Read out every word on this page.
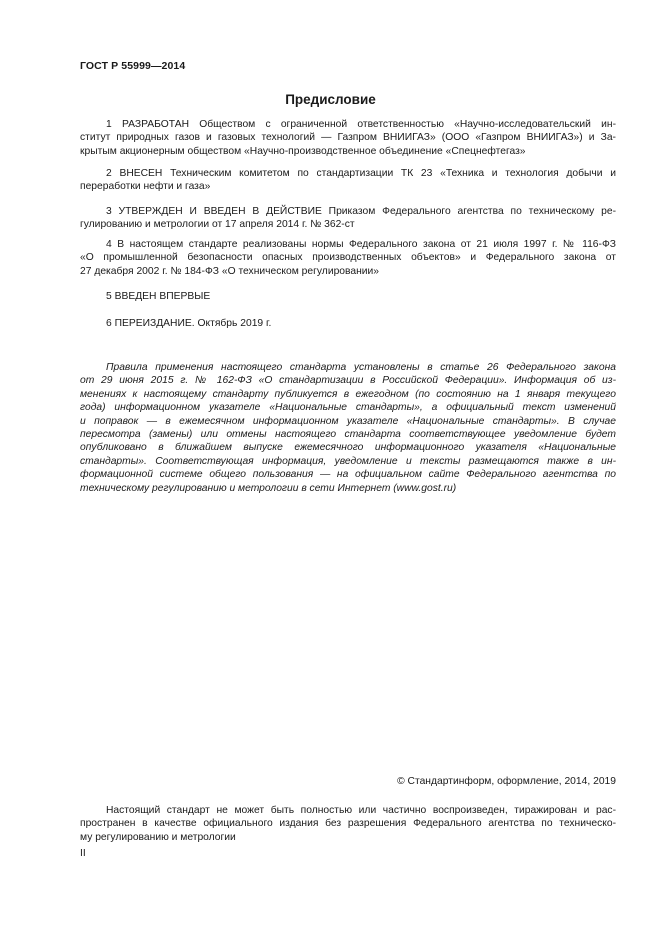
ГОСТ Р 55999—2014
Предисловие
1 РАЗРАБОТАН Обществом с ограниченной ответственностью «Научно-исследовательский ин-
ститут природных газов и газовых технологий — Газпром ВНИИГАЗ» (ООО «Газпром ВНИИГАЗ») и За-
крытым акционерным обществом «Научно-производственное объединение «Спецнефтегаз»
2 ВНЕСЕН Техническим комитетом по стандартизации ТК 23 «Техника и технология добычи и
переработки нефти и газа»
3 УТВЕРЖДЕН И ВВЕДЕН В ДЕЙСТВИЕ Приказом Федерального агентства по техническому ре-
гулированию и метрологии от 17 апреля 2014 г. № 362-ст
4 В настоящем стандарте реализованы нормы Федерального закона от 21 июля 1997 г. № 116-ФЗ
«О промышленной безопасности опасных производственных объектов» и Федерального закона от
27 декабря 2002 г. № 184-ФЗ «О техническом регулировании»
5 ВВЕДЕН ВПЕРВЫЕ
6 ПЕРЕИЗДАНИЕ. Октябрь 2019 г.
Правила применения настоящего стандарта установлены в статье 26 Федерального закона
от 29 июня 2015 г. № 162-ФЗ «О стандартизации в Российской Федерации». Информация об из-
менениях к настоящему стандарту публикуется в ежегодном (по состоянию на 1 января текущего
года) информационном указателе «Национальные стандарты», а официальный текст изменений
и поправок — в ежемесячном информационном указателе «Национальные стандарты». В случае
пересмотра (замены) или отмены настоящего стандарта соответствующее уведомление будет
опубликовано в ближайшем выпуске ежемесячного информационного указателя «Национальные
стандарты». Соответствующая информация, уведомление и тексты размещаются также в ин-
формационной системе общего пользования — на официальном сайте Федерального агентства по
техническому регулированию и метрологии в сети Интернет (www.gost.ru)
© Стандартинформ, оформление, 2014, 2019
Настоящий стандарт не может быть полностью или частично воспроизведен, тиражирован и рас-
пространен в качестве официального издания без разрешения Федерального агентства по техническо-
му регулированию и метрологии
II
